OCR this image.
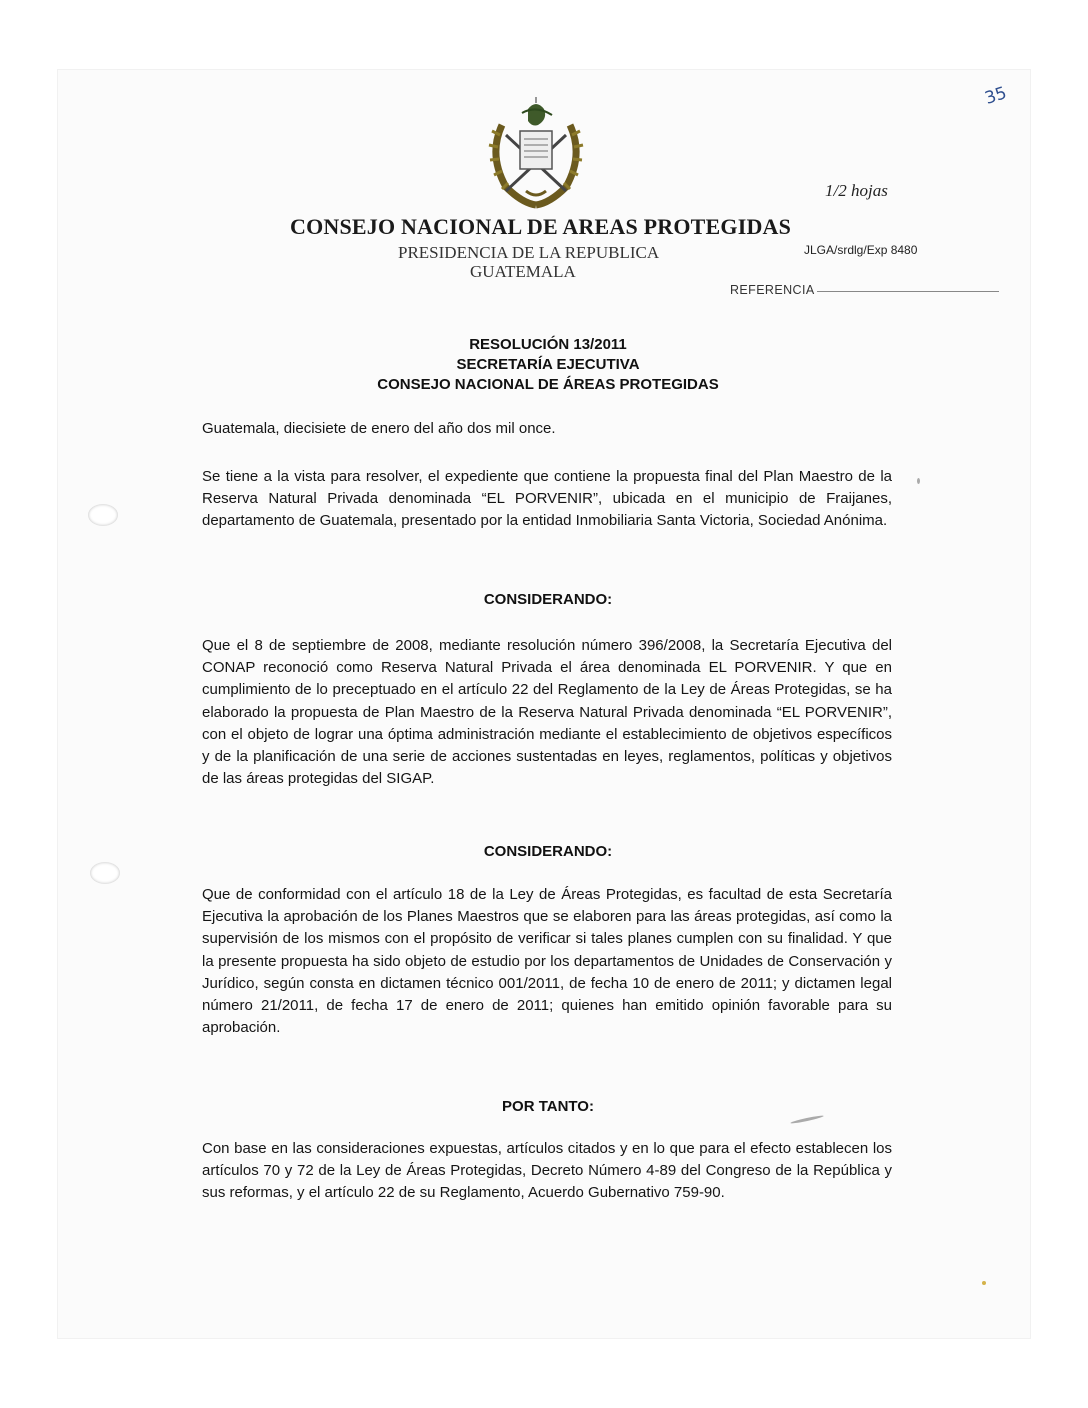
35
1/2 hojas
CONSEJO NACIONAL DE AREAS PROTEGIDAS
PRESIDENCIA DE LA REPUBLICA
GUATEMALA
JLGA/srdlg/Exp 8480
REFERENCIA
RESOLUCIÓN 13/2011
SECRETARÍA EJECUTIVA
CONSEJO NACIONAL DE ÁREAS PROTEGIDAS
Guatemala, diecisiete de enero del año dos mil once.
Se tiene a la vista para resolver, el expediente que contiene la propuesta final del Plan Maestro de la Reserva Natural Privada denominada “EL PORVENIR”, ubicada en el municipio de Fraijanes, departamento de Guatemala, presentado por la entidad Inmobiliaria Santa Victoria, Sociedad Anónima.
CONSIDERANDO:
Que el 8 de septiembre de 2008, mediante resolución número 396/2008, la Secretaría Ejecutiva del CONAP reconoció como Reserva Natural Privada el área denominada EL PORVENIR. Y que en cumplimiento de lo preceptuado en el artículo 22 del Reglamento de la Ley de Áreas Protegidas, se ha elaborado la propuesta de Plan Maestro de la Reserva Natural Privada denominada “EL PORVENIR”, con el objeto de lograr una óptima administración mediante el establecimiento de objetivos específicos y de la planificación de una serie de acciones sustentadas en leyes, reglamentos, políticas y objetivos de las áreas protegidas del SIGAP.
CONSIDERANDO:
Que de conformidad con el artículo 18 de la Ley de Áreas Protegidas, es facultad de esta Secretaría Ejecutiva la aprobación de los Planes Maestros que se elaboren para las áreas protegidas, así como la supervisión de los mismos con el propósito de verificar si tales planes cumplen con su finalidad. Y que la presente propuesta ha sido objeto de estudio por los departamentos de Unidades de Conservación y Jurídico, según consta en dictamen técnico 001/2011, de fecha 10 de enero de 2011; y dictamen legal número 21/2011, de fecha 17 de enero de 2011; quienes han emitido opinión favorable para su aprobación.
POR TANTO:
Con base en las consideraciones expuestas, artículos citados y en lo que para el efecto establecen los artículos 70 y 72 de la Ley de Áreas Protegidas, Decreto Número 4-89 del Congreso de la República y sus reformas, y el artículo 22 de su Reglamento, Acuerdo Gubernativo 759-90.
